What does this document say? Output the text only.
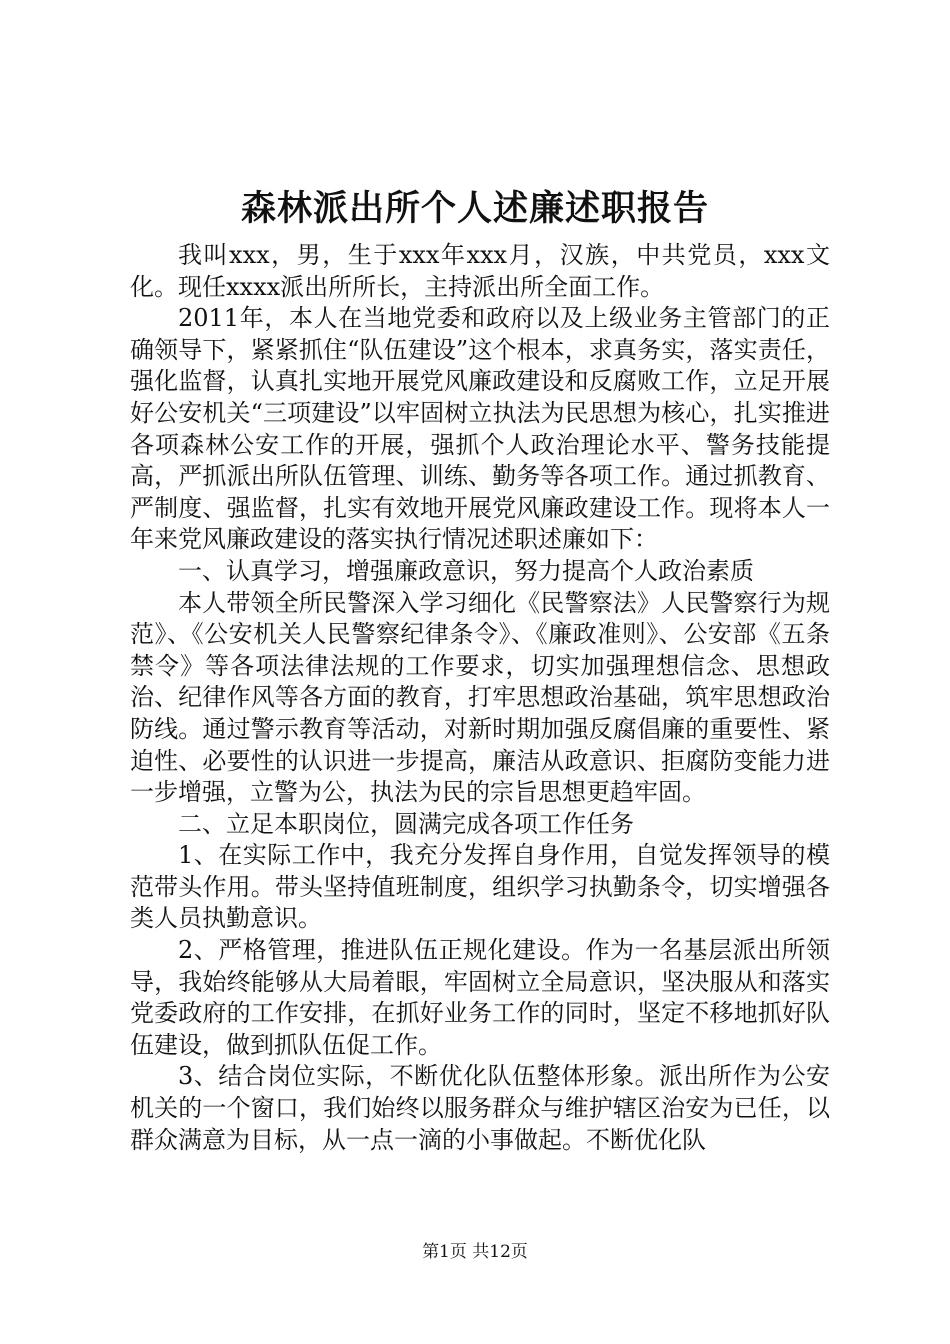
森林派出所个人述廉述职报告

我叫xxx，男，生于xxx年xxx月，汉族，中共党员，xxx文化。现任xxxx派出所所长，主持派出所全面工作。

2011年，本人在当地党委和政府以及上级业务主管部门的正确领导下，紧紧抓住“队伍建设”这个根本，求真务实，落实责任，强化监督，认真扎实地开展党风廉政建设和反腐败工作，立足开展好公安机关“三项建设”以牢固树立执法为民思想为核心，扎实推进各项森林公安工作的开展，强抓个人政治理论水平、警务技能提高，严抓派出所队伍管理、训练、勤务等各项工作。通过抓教育、严制度、强监督，扎实有效地开展党风廉政建设工作。现将本人一年来党风廉政建设的落实执行情况述职述廉如下：

一、认真学习，增强廉政意识，努力提高个人政治素质

本人带领全所民警深入学习细化《民警察法》人民警察行为规范》、《公安机关人民警察纪律条令》、《廉政准则》、公安部《五条禁令》等各项法律法规的工作要求，切实加强理想信念、思想政治、纪律作风等各方面的教育，打牢思想政治基础，筑牢思想政治防线。通过警示教育等活动，对新时期加强反腐倡廉的重要性、紧迫性、必要性的认识进一步提高，廉洁从政意识、拒腐防变能力进一步增强，立警为公，执法为民的宗旨思想更趋牢固。

二、立足本职岗位，圆满完成各项工作任务

1、在实际工作中，我充分发挥自身作用，自觉发挥领导的模范带头作用。带头坚持值班制度，组织学习执勤条令，切实增强各类人员执勤意识。

2、严格管理，推进队伍正规化建设。作为一名基层派出所领导，我始终能够从大局着眼，牢固树立全局意识，坚决服从和落实党委政府的工作安排，在抓好业务工作的同时，坚定不移地抓好队伍建设，做到抓队伍促工作。

3、结合岗位实际，不断优化队伍整体形象。派出所作为公安机关的一个窗口，我们始终以服务群众与维护辖区治安为已任，以群众满意为目标，从一点一滴的小事做起。不断优化队

第1页 共12页
